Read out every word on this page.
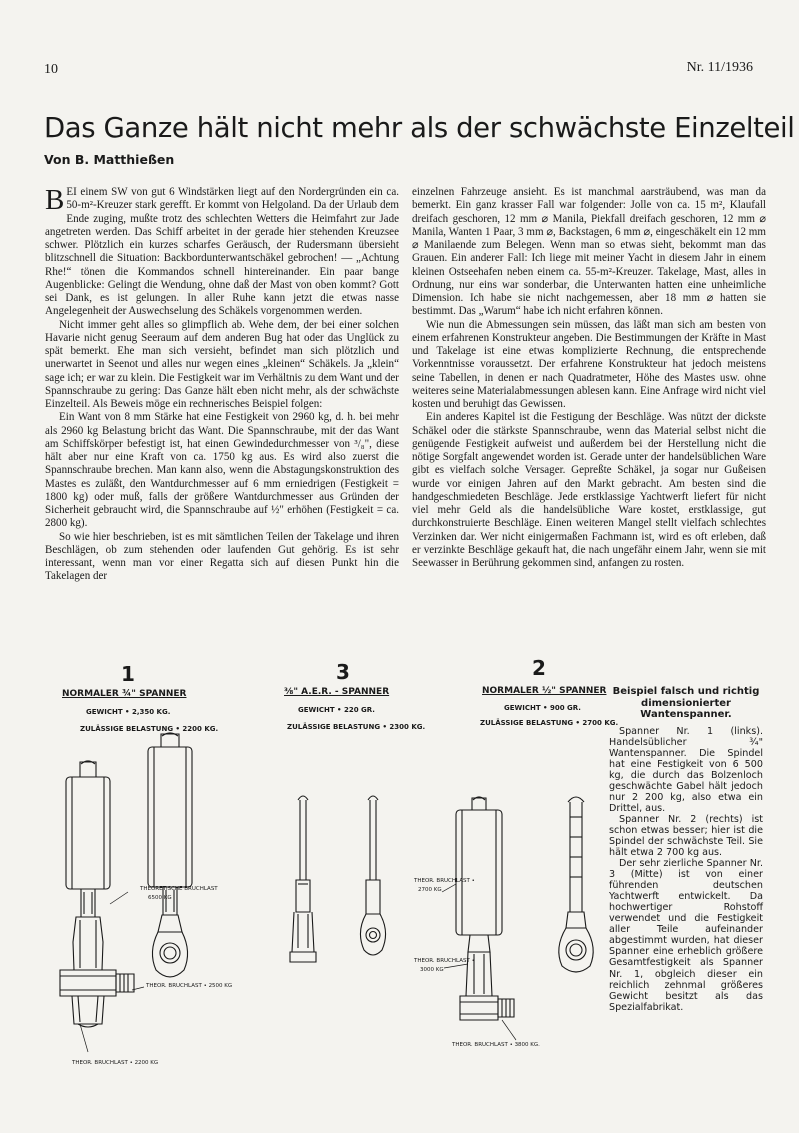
10	Nr. 11/1936
Das Ganze hält nicht mehr als der schwächste Einzelteil
Von B. Matthießen

BEI einem SW von gut 6 Windstärken liegt auf den Nordergründen ein ca. 50-m²-Kreuzer stark gerefft. Er kommt von Helgoland. Da der Urlaub dem Ende zuging, mußte trotz des schlechten Wetters die Heimfahrt zur Jade angetreten werden. Das Schiff arbeitet in der gerade hier stehenden Kreuzsee schwer. Plötzlich ein kurzes scharfes Geräusch, der Rudersmann übersieht blitzschnell die Situation: Backbordunterwantschäkel gebrochen! — „Achtung Rhe!“ tönen die Kommandos schnell hintereinander. Ein paar bange Augenblicke: Gelingt die Wendung, ohne daß der Mast von oben kommt? Gott sei Dank, es ist gelungen. In aller Ruhe kann jetzt die etwas nasse Angelegenheit der Auswechselung des Schäkels vorgenommen werden.

Nicht immer geht alles so glimpflich ab. Wehe dem, der bei einer solchen Havarie nicht genug Seeraum auf dem anderen Bug hat oder das Unglück zu spät bemerkt. Ehe man sich versieht, befindet man sich plötzlich und unerwartet in Seenot und alles nur wegen eines „kleinen“ Schäkels. Ja „klein“ sage ich; er war zu klein. Die Festigkeit war im Verhältnis zu dem Want und der Spannschraube zu gering: Das Ganze hält eben nicht mehr, als der schwächste Einzelteil. Als Beweis möge ein rechnerisches Beispiel folgen:

Ein Want von 8 mm Stärke hat eine Festigkeit von 2960 kg, d. h. bei mehr als 2960 kg Belastung bricht das Want. Die Spannschraube, mit der das Want am Schiffskörper befestigt ist, hat einen Gewindedurchmesser von ³/₈", diese hält aber nur eine Kraft von ca. 1750 kg aus. Es wird also zuerst die Spannschraube brechen. Man kann also, wenn die Abstagungskonstruktion des Mastes es zuläßt, den Wantdurchmesser auf 6 mm erniedrigen (Festigkeit = 1800 kg) oder muß, falls der größere Wantdurchmesser aus Gründen der Sicherheit gebraucht wird, die Spannschraube auf ½" erhöhen (Festigkeit = ca. 2800 kg).

So wie hier beschrieben, ist es mit sämtlichen Teilen der Takelage und ihren Beschlägen, ob zum stehenden oder laufenden Gut gehörig. Es ist sehr interessant, wenn man vor einer Regatta sich auf diesen Punkt hin die Takelagen der

einzelnen Fahrzeuge ansieht. Es ist manchmal aarsträubend, was man da bemerkt. Ein ganz krasser Fall war folgender: Jolle von ca. 15 m², Klaufall dreifach geschoren, 12 mm ⌀ Manila, Piekfall dreifach geschoren, 12 mm ⌀ Manila, Wanten 1 Paar, 3 mm ⌀, Backstagen, 6 mm ⌀, eingeschäkelt ein 12 mm ⌀ Manilaende zum Belegen. Wenn man so etwas sieht, bekommt man das Grauen. Ein anderer Fall: Ich liege mit meiner Yacht in diesem Jahr in einem kleinen Ostseehafen neben einem ca. 55-m²-Kreuzer. Takelage, Mast, alles in Ordnung, nur eins war sonderbar, die Unterwanten hatten eine unheimliche Dimension. Ich habe sie nicht nachgemessen, aber 18 mm ⌀ hatten sie bestimmt. Das „Warum“ habe ich nicht erfahren können.

Wie nun die Abmessungen sein müssen, das läßt man sich am besten von einem erfahrenen Konstrukteur angeben. Die Bestimmungen der Kräfte in Mast und Takelage ist eine etwas komplizierte Rechnung, die entsprechende Vorkenntnisse voraussetzt. Der erfahrene Konstrukteur hat jedoch meistens seine Tabellen, in denen er nach Quadratmeter, Höhe des Mastes usw. ohne weiteres seine Materialabmessungen ablesen kann. Eine Anfrage wird nicht viel kosten und beruhigt das Gewissen.

Ein anderes Kapitel ist die Festigung der Beschläge. Was nützt der dickste Schäkel oder die stärkste Spannschraube, wenn das Material selbst nicht die genügende Festigkeit aufweist und außerdem bei der Herstellung nicht die nötige Sorgfalt angewendet worden ist. Gerade unter der handelsüblichen Ware gibt es vielfach solche Versager. Gepreßte Schäkel, ja sogar nur Gußeisen wurde vor einigen Jahren auf den Markt gebracht. Am besten sind die handgeschmiedeten Beschläge. Jede erstklassige Yachtwerft liefert für nicht viel mehr Geld als die handelsübliche Ware kostet, erstklassige, gut durchkonstruierte Beschläge. Einen weiteren Mangel stellt vielfach schlechtes Verzinken dar. Wer nicht einigermaßen Fachmann ist, wird es oft erleben, daß er verzinkte Beschläge gekauft hat, die nach ungefähr einem Jahr, wenn sie mit Seewasser in Berührung gekommen sind, anfangen zu rosten.

1
NORMALER ¾" SPANNER
GEWICHT • 2,350 KG.
ZULÄSSIGE BELASTUNG • 2200 KG.
3
⅜" A.E.R. - SPANNER
GEWICHT • 220 GR.
ZULÄSSIGE BELASTUNG • 2300 KG.
2
NORMALER ½" SPANNER
GEWICHT • 900 GR.
ZULÄSSIGE BELASTUNG • 2700 KG.
THEORETISCHE BRUCHLAST
6500 KG
THEOR. BRUCHLAST • 2500 KG
THEOR. BRUCHLAST • 2200 KG
THEOR. BRUCHLAST •
2700 KG
THEOR. BRUCHLAST •
3000 KG
THEOR. BRUCHLAST • 3800 KG.
Beispiel falsch und richtig dimensionierter Wantenspanner.

Spanner Nr. 1 (links). Handelsüblicher ¾" Wantenspanner. Die Spindel hat eine Festigkeit von 6 500 kg, die durch das Bolzenloch geschwächte Gabel hält jedoch nur 2 200 kg, also etwa ein Drittel, aus.

Spanner Nr. 2 (rechts) ist schon etwas besser; hier ist die Spindel der schwächste Teil. Sie hält etwa 2 700 kg aus.

Der sehr zierliche Spanner Nr. 3 (Mitte) ist von einer führenden deutschen Yachtwerft entwickelt. Da hochwertiger Rohstoff verwendet und die Festigkeit aller Teile aufeinander abgestimmt wurden, hat dieser Spanner eine erheblich größere Gesamtfestigkeit als Spanner Nr. 1, obgleich dieser ein reichlich zehnmal größeres Gewicht besitzt als das Spezialfabrikat.
